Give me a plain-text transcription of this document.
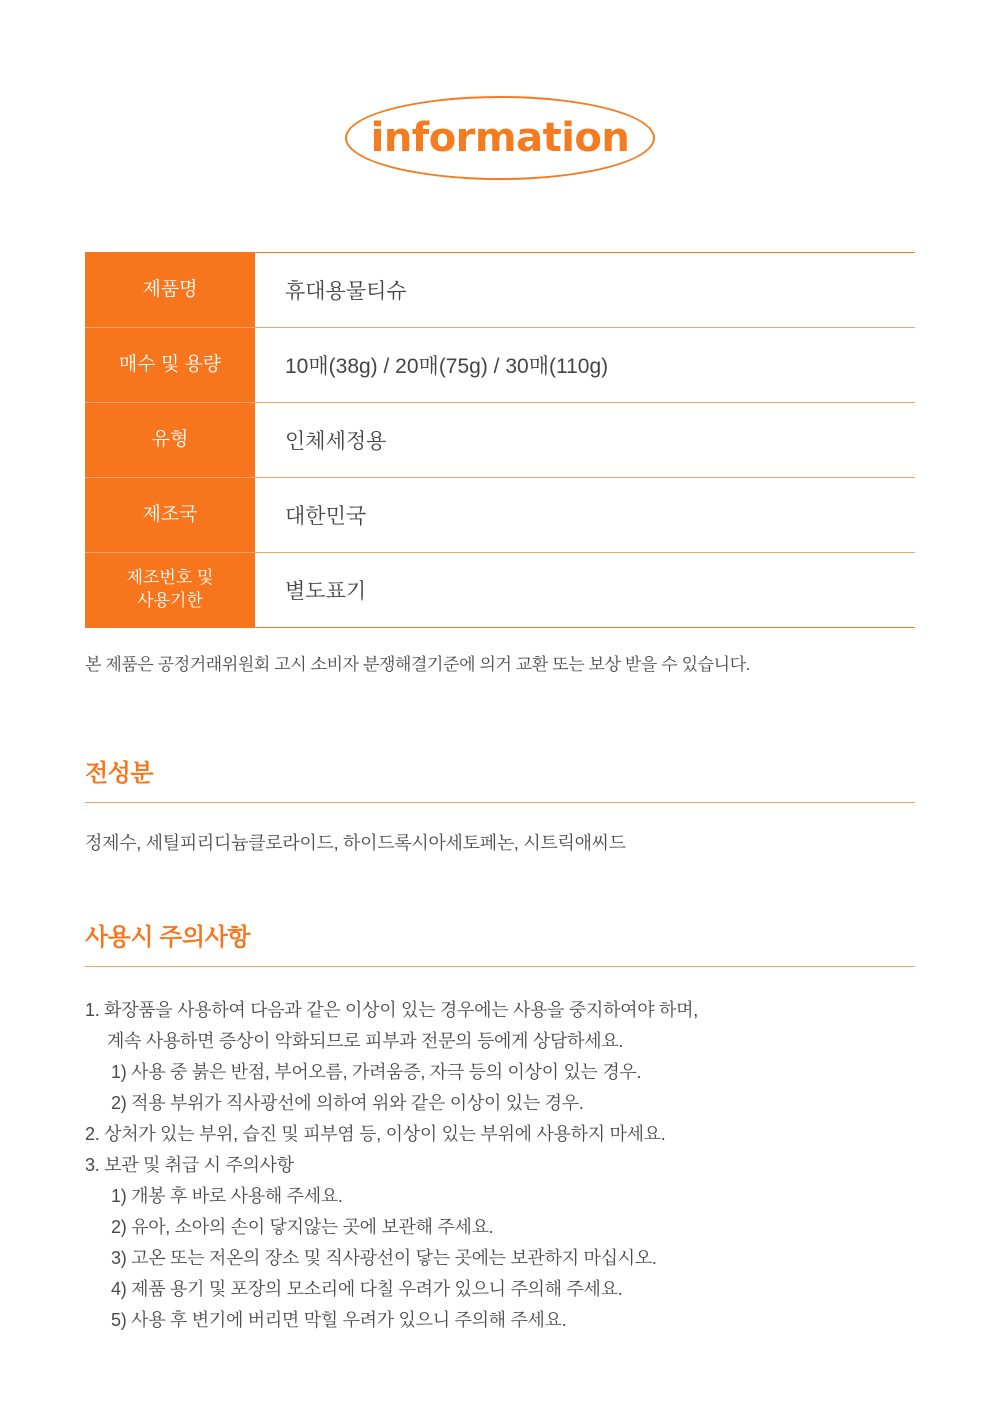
information
제품명	휴대용물티슈
매수 및 용량	10매(38g) / 20매(75g) / 30매(110g)
유형	인체세정용
제조국	대한민국
제조번호 및
사용기한	별도표기
본 제품은 공정거래위원회 고시 소비자 분쟁해결기준에 의거 교환 또는 보상 받을 수 있습니다.
전성분
정제수, 세틸피리디늄클로라이드, 하이드록시아세토페논, 시트릭애씨드
사용시 주의사항
1. 화장품을 사용하여 다음과 같은 이상이 있는 경우에는 사용을 중지하여야 하며,
계속 사용하면 증상이 악화되므로 피부과 전문의 등에게 상담하세요.
1) 사용 중 붉은 반점, 부어오름, 가려움증, 자극 등의 이상이 있는 경우.
2) 적용 부위가 직사광선에 의하여 위와 같은 이상이 있는 경우.
2. 상처가 있는 부위, 습진 및 피부염 등, 이상이 있는 부위에 사용하지 마세요.
3. 보관 및 취급 시 주의사항
1) 개봉 후 바로 사용해 주세요.
2) 유아, 소아의 손이 닿지않는 곳에 보관해 주세요.
3) 고온 또는 저온의 장소 및 직사광선이 닿는 곳에는 보관하지 마십시오.
4) 제품 용기 및 포장의 모소리에 다칠 우려가 있으니 주의해 주세요.
5) 사용 후 변기에 버리면 막힐 우려가 있으니 주의해 주세요.
